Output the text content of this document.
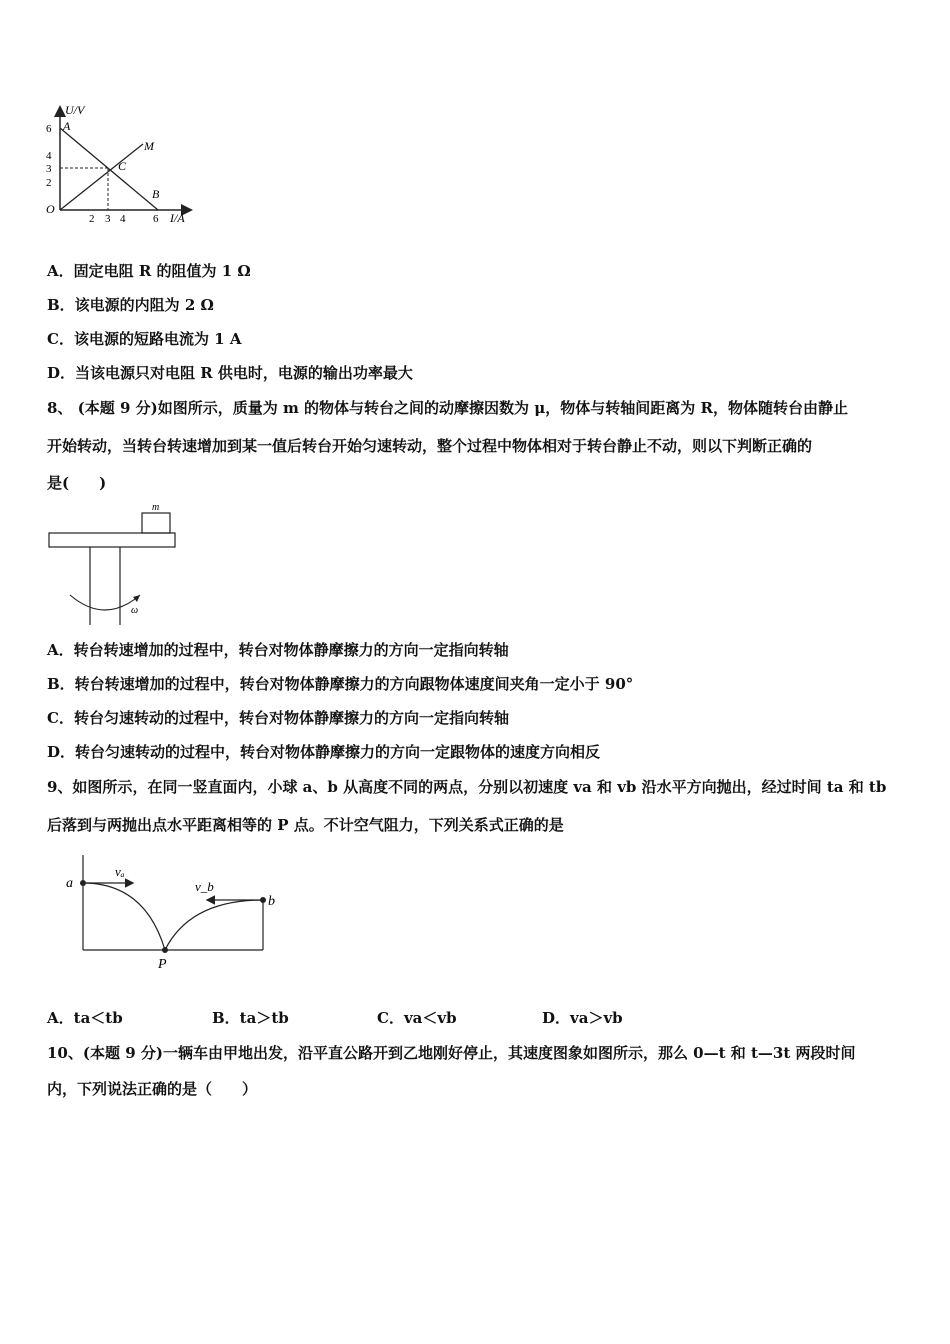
U/V
I/A
O
A
B
C
M
6
4
3
2
2 3 4	6
A．固定电阻 R 的阻值为 1 Ω
B．该电源的内阻为 2 Ω
C．该电源的短路电流为 1 A
D．当该电源只对电阻 R 供电时，电源的输出功率最大
8、 (本题 9 分)如图所示，质量为 m 的物体与转台之间的动摩擦因数为 μ，物体与转轴间距离为 R，物体随转台由静止
开始转动，当转台转速增加到某一值后转台开始匀速转动，整个过程中物体相对于转台静止不动，则以下判断正确的
是(　　)
m
ω
A．转台转速增加的过程中，转台对物体静摩擦力的方向一定指向转轴
B．转台转速增加的过程中，转台对物体静摩擦力的方向跟物体速度间夹角一定小于 90°
C．转台匀速转动的过程中，转台对物体静摩擦力的方向一定指向转轴
D．转台匀速转动的过程中，转台对物体静摩擦力的方向一定跟物体的速度方向相反
9、如图所示，在同一竖直面内，小球 a、b 从高度不同的两点，分别以初速度 va 和 vb 沿水平方向抛出，经过时间 ta 和 tb
后落到与两抛出点水平距离相等的 P 点。不计空气阻力，下列关系式正确的是
a
b
vₐ
v_b
P
A．ta＜tb	B．ta＞tb	C．va＜vb	D．va＞vb
10、(本题 9 分)一辆车由甲地出发，沿平直公路开到乙地刚好停止，其速度图象如图所示，那么 0—t 和 t—3t 两段时间
内，下列说法正确的是（　　）
